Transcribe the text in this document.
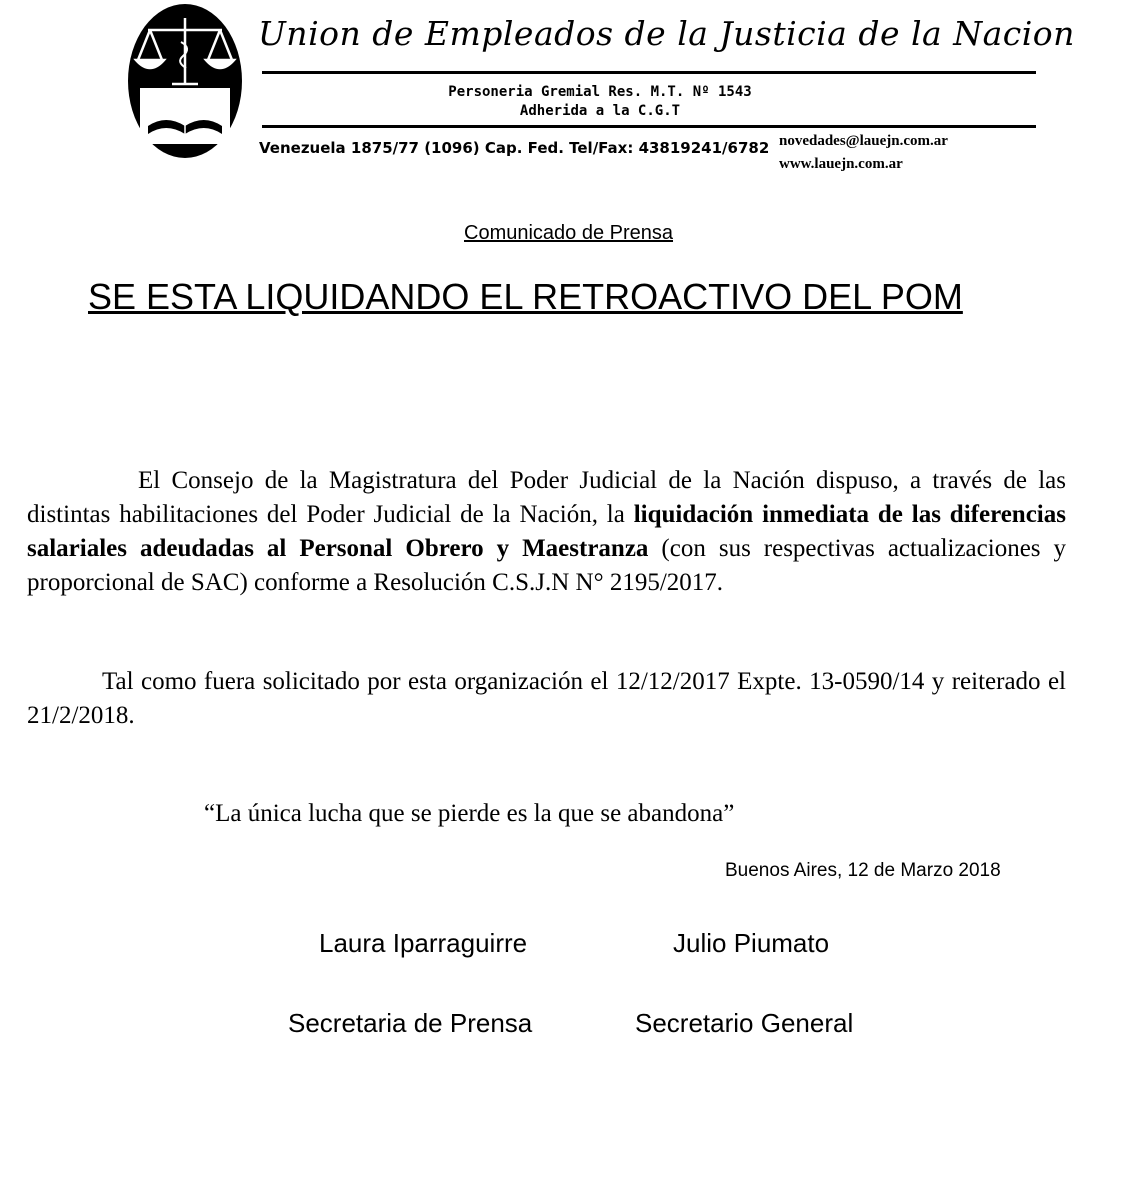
Union de Empleados de la Justicia de la Nacion
Personeria Gremial Res. M.T. Nº 1543
Adherida a la C.G.T
Venezuela 1875/77 (1096) Cap. Fed. Tel/Fax: 43819241/6782 novedades@lauejn.com.ar
www.lauejn.com.ar
Comunicado de Prensa
SE ESTA LIQUIDANDO EL RETROACTIVO DEL POM

El Consejo de la Magistratura del Poder Judicial de la Nación dispuso, a través de las distintas habilitaciones del Poder Judicial de la Nación, la liquidación inmediata de las diferencias salariales adeudadas al Personal Obrero y Maestranza (con sus respectivas actualizaciones y proporcional de SAC) conforme a Resolución C.S.J.N N° 2195/2017.

Tal como fuera solicitado por esta organización el 12/12/2017 Expte. 13-0590/14 y reiterado el 21/2/2018.

“La única lucha que se pierde es la que se abandona”
Buenos Aires, 12 de Marzo 2018
Laura Iparraguirre	Julio Piumato
Secretaria de Prensa	Secretario General
